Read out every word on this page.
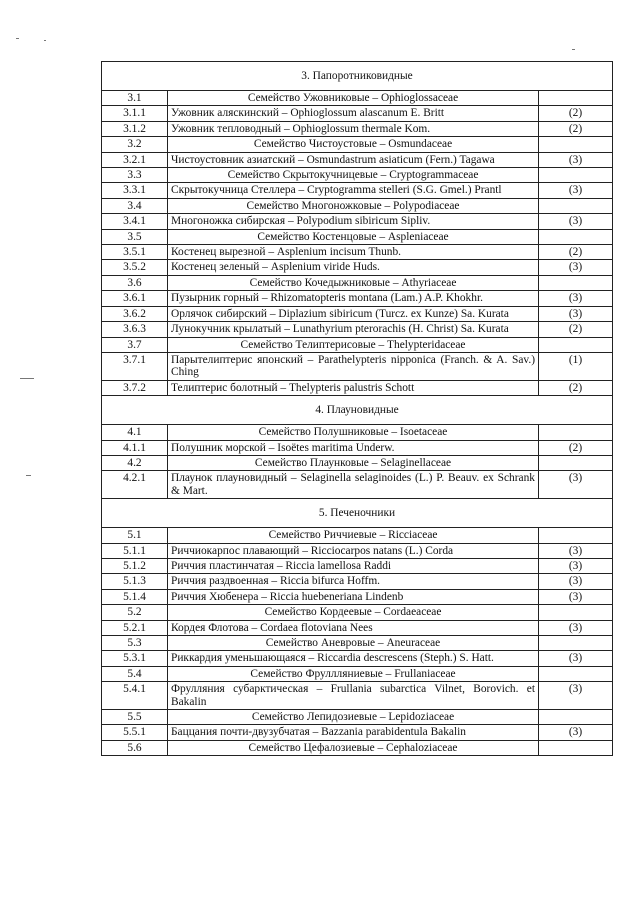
3. Папоротниковидные		
3.1	Семейство Ужовниковые – Ophioglossaceae	
3.1.1	Ужовник аляскинский – Ophioglossum alascanum E. Britt	(2)
3.1.2	Ужовник тепловодный – Ophioglossum thermale Kom.	(2)
3.2	Семейство Чистоустовые – Osmundaceae	
3.2.1	Чистоустовник азиатский – Osmundastrum asiaticum (Fern.) Tagawa	(3)
3.3	Семейство Скрытокучницевые – Cryptogrammaceae	
3.3.1	Скрытокучница Стеллера – Cryptogramma stelleri (S.G. Gmel.) Prantl	(3)
3.4	Семейство Многоножковые – Polypodiaceae	
3.4.1	Многоножка сибирская – Polypodium sibiricum Sipliv.	(3)
3.5	Семейство Костенцовые – Aspleniaceae	
3.5.1	Костенец вырезной – Asplenium incisum Thunb.	(2)
3.5.2	Костенец зеленый – Asplenium viride Huds.	(3)
3.6	Семейство Кочедыжниковые – Athyriaceae	
3.6.1	Пузырник горный – Rhizomatopteris montana (Lam.) A.P. Khokhr.	(3)
3.6.2	Орлячок сибирский – Diplazium sibiricum (Turcz. ex Kunze) Sa. Kurata	(3)
3.6.3	Лунокучник крылатый – Lunathyrium pterorachis (H. Christ) Sa. Kurata	(2)
3.7	Семейство Телиптерисовые – Thelypteridaceae	
3.7.1	Парытелиптерис японский – Parathelypteris nipponica (Franch. & A. Sav.) Ching	(1)
3.7.2	Телиптерис болотный – Thelypteris palustris Schott	(2)
4. Плауновидные		
4.1	Семейство Полушниковые – Isoetaceae	
4.1.1	Полушник морской – Isoëtes maritima Underw.	(2)
4.2	Семейство Плаунковые – Selaginellaceae	
4.2.1	Плаунок плауновидный – Selaginella selaginoides (L.) P. Beauv. ex Schrank & Mart.	(3)
5. Печеночники		
5.1	Семейство Риччиевые – Ricciaceae	
5.1.1	Риччиокарпос плавающий – Ricciocarpos natans (L.) Corda	(3)
5.1.2	Риччия пластинчатая – Riccia lamellosa Raddi	(3)
5.1.3	Риччия раздвоенная – Riccia bifurca Hoffm.	(3)
5.1.4	Риччия Хюбенера – Riccia huebeneriana Lindenb	(3)
5.2	Семейство Кордеевые – Cordaeaceae	
5.2.1	Кордея Флотова – Cordaea flotoviana Nees	(3)
5.3	Семейство Аневровые – Aneuraceae	
5.3.1	Риккардия уменьшающаяся – Riccardia descrescens (Steph.) S. Hatt.	(3)
5.4	Семейство Фруллляниевые – Frullaniaceae	
5.4.1	Фрулляния субарктическая – Frullania subarctica Vilnet, Borovich. et Bakalin	(3)
5.5	Семейство Лепидозиевые – Lepidoziaceae	
5.5.1	Баццания почти-двузубчатая – Bazzania parabidentula Bakalin	(3)
5.6	Семейство Цефалозиевые – Cephaloziaceae	
